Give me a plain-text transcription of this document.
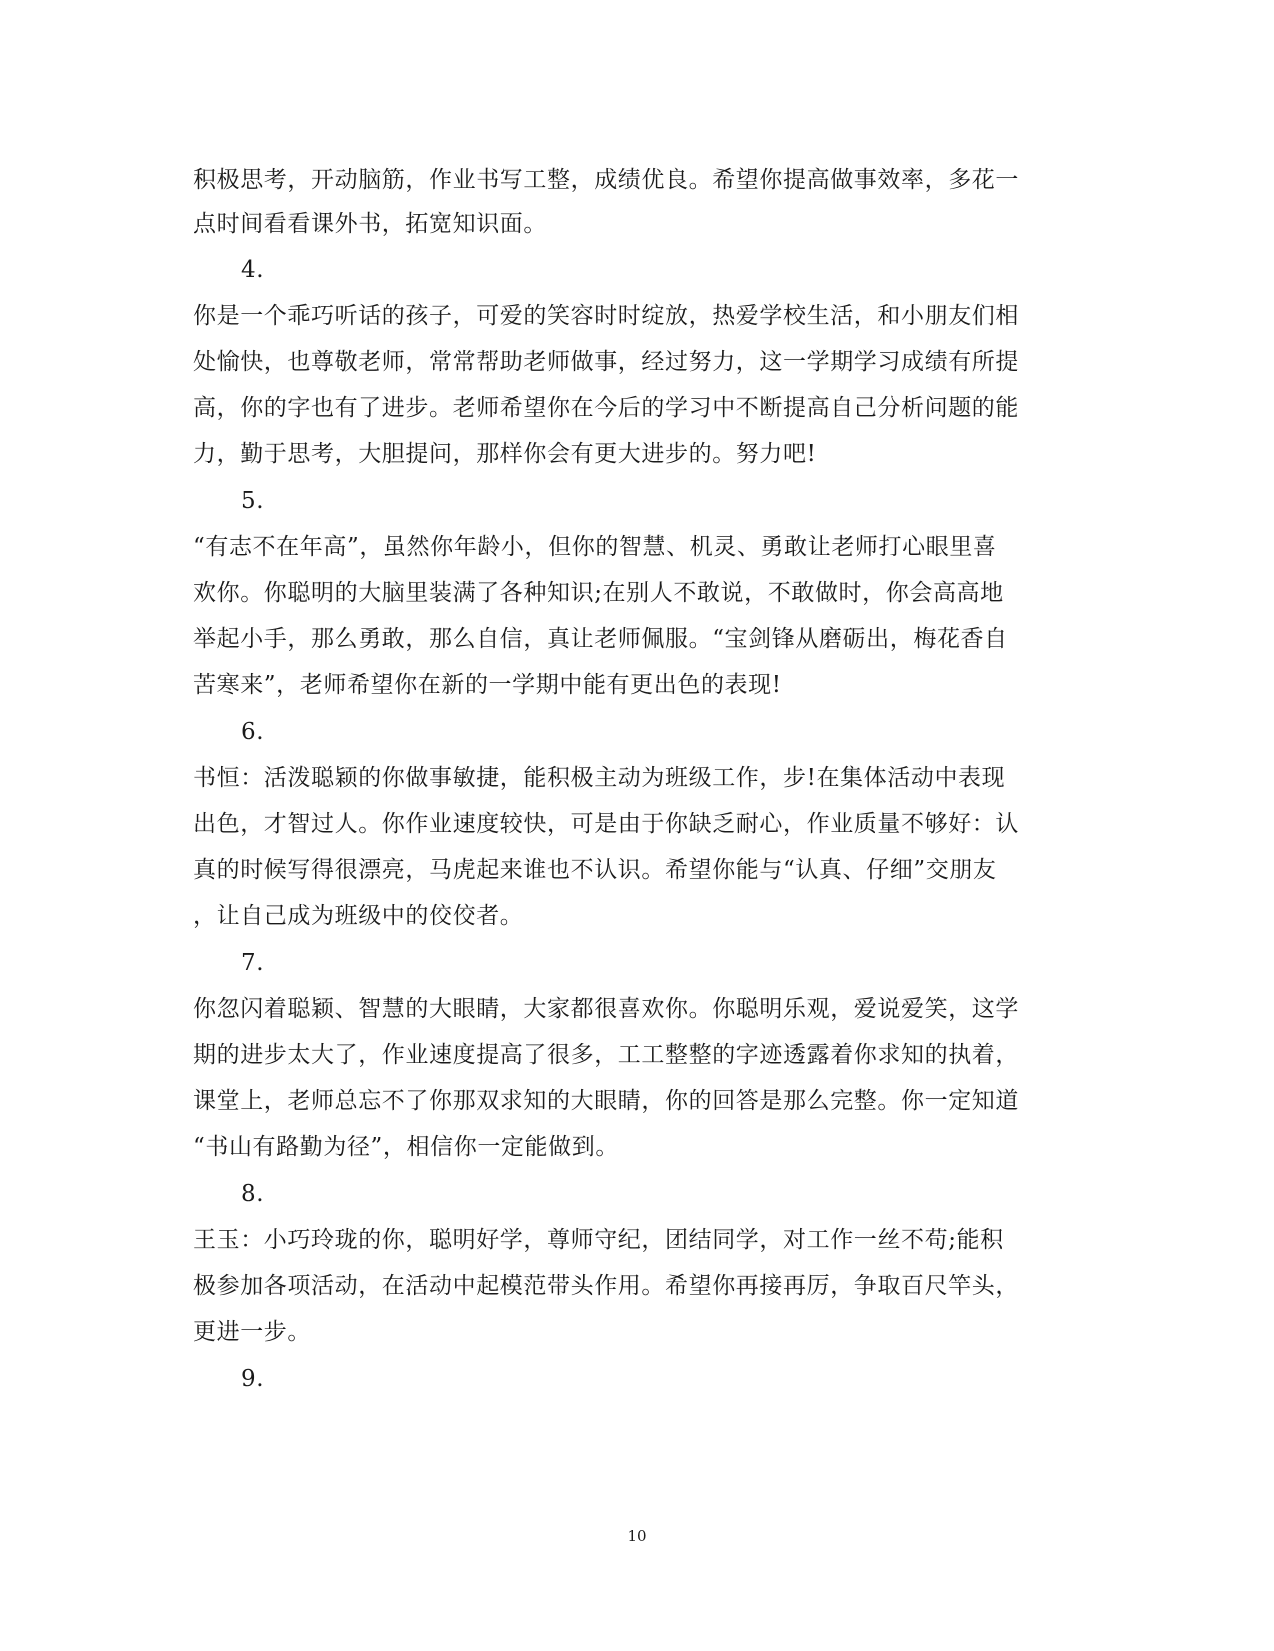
积极思考，开动脑筋，作业书写工整，成绩优良。希望你提高做事效率，多花一
点时间看看课外书，拓宽知识面。
4.
你是一个乖巧听话的孩子，可爱的笑容时时绽放，热爱学校生活，和小朋友们相
处愉快，也尊敬老师，常常帮助老师做事，经过努力，这一学期学习成绩有所提
高，你的字也有了进步。老师希望你在今后的学习中不断提高自己分析问题的能
力，勤于思考，大胆提问，那样你会有更大进步的。努力吧!
5.
“有志不在年高”，虽然你年龄小，但你的智慧、机灵、勇敢让老师打心眼里喜
欢你。你聪明的大脑里装满了各种知识;在别人不敢说，不敢做时，你会高高地
举起小手，那么勇敢，那么自信，真让老师佩服。“宝剑锋从磨砺出，梅花香自
苦寒来”，老师希望你在新的一学期中能有更出色的表现!
6.
书恒：活泼聪颖的你做事敏捷，能积极主动为班级工作，步!在集体活动中表现
出色，才智过人。你作业速度较快，可是由于你缺乏耐心，作业质量不够好：认
真的时候写得很漂亮，马虎起来谁也不认识。希望你能与“认真、仔细”交朋友
，让自己成为班级中的佼佼者。
7.
你忽闪着聪颖、智慧的大眼睛，大家都很喜欢你。你聪明乐观，爱说爱笑，这学
期的进步太大了，作业速度提高了很多，工工整整的字迹透露着你求知的执着，
课堂上，老师总忘不了你那双求知的大眼睛，你的回答是那么完整。你一定知道
“书山有路勤为径”，相信你一定能做到。
8.
王玉：小巧玲珑的你，聪明好学，尊师守纪，团结同学，对工作一丝不苟;能积
极参加各项活动，在活动中起模范带头作用。希望你再接再厉，争取百尺竿头，
更进一步。
9.
10
